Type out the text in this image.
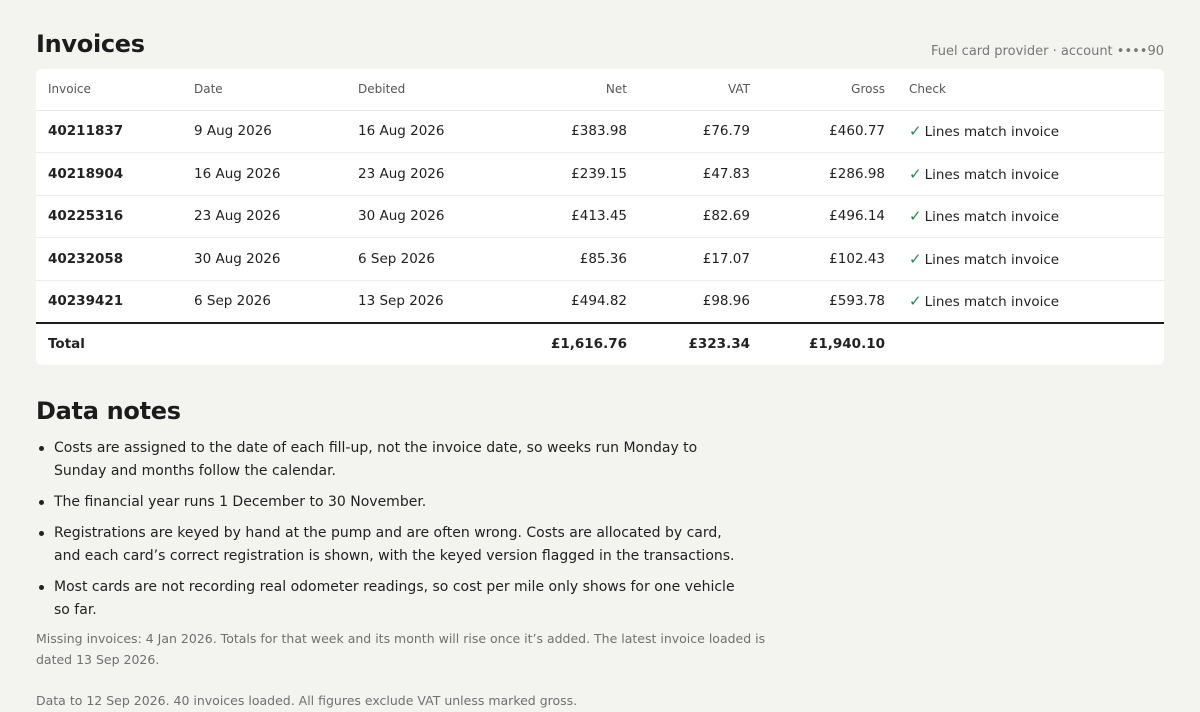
Invoices	Fuel card provider · account ••••90
Invoice	Date	Debited	Net	VAT	Gross	Check
40211837	9 Aug 2026	16 Aug 2026	£383.98	£76.79	£460.77	✓ Lines match invoice
40218904	16 Aug 2026	23 Aug 2026	£239.15	£47.83	£286.98	✓ Lines match invoice
40225316	23 Aug 2026	30 Aug 2026	£413.45	£82.69	£496.14	✓ Lines match invoice
40232058	30 Aug 2026	6 Sep 2026	£85.36	£17.07	£102.43	✓ Lines match invoice
40239421	6 Sep 2026	13 Sep 2026	£494.82	£98.96	£593.78	✓ Lines match invoice
Total			£1,616.76	£323.34	£1,940.10	
Data notes
Costs are assigned to the date of each fill-up, not the invoice date, so weeks run Monday to Sunday and months follow the calendar.
The financial year runs 1 December to 30 November.
Registrations are keyed by hand at the pump and are often wrong. Costs are allocated by card, and each card’s correct registration is shown, with the keyed version flagged in the transactions.
Most cards are not recording real odometer readings, so cost per mile only shows for one vehicle so far.

Missing invoices: 4 Jan 2026. Totals for that week and its month will rise once it’s added. The latest invoice loaded is dated 13 Sep 2026.

Data to 12 Sep 2026. 40 invoices loaded. All figures exclude VAT unless marked gross.
